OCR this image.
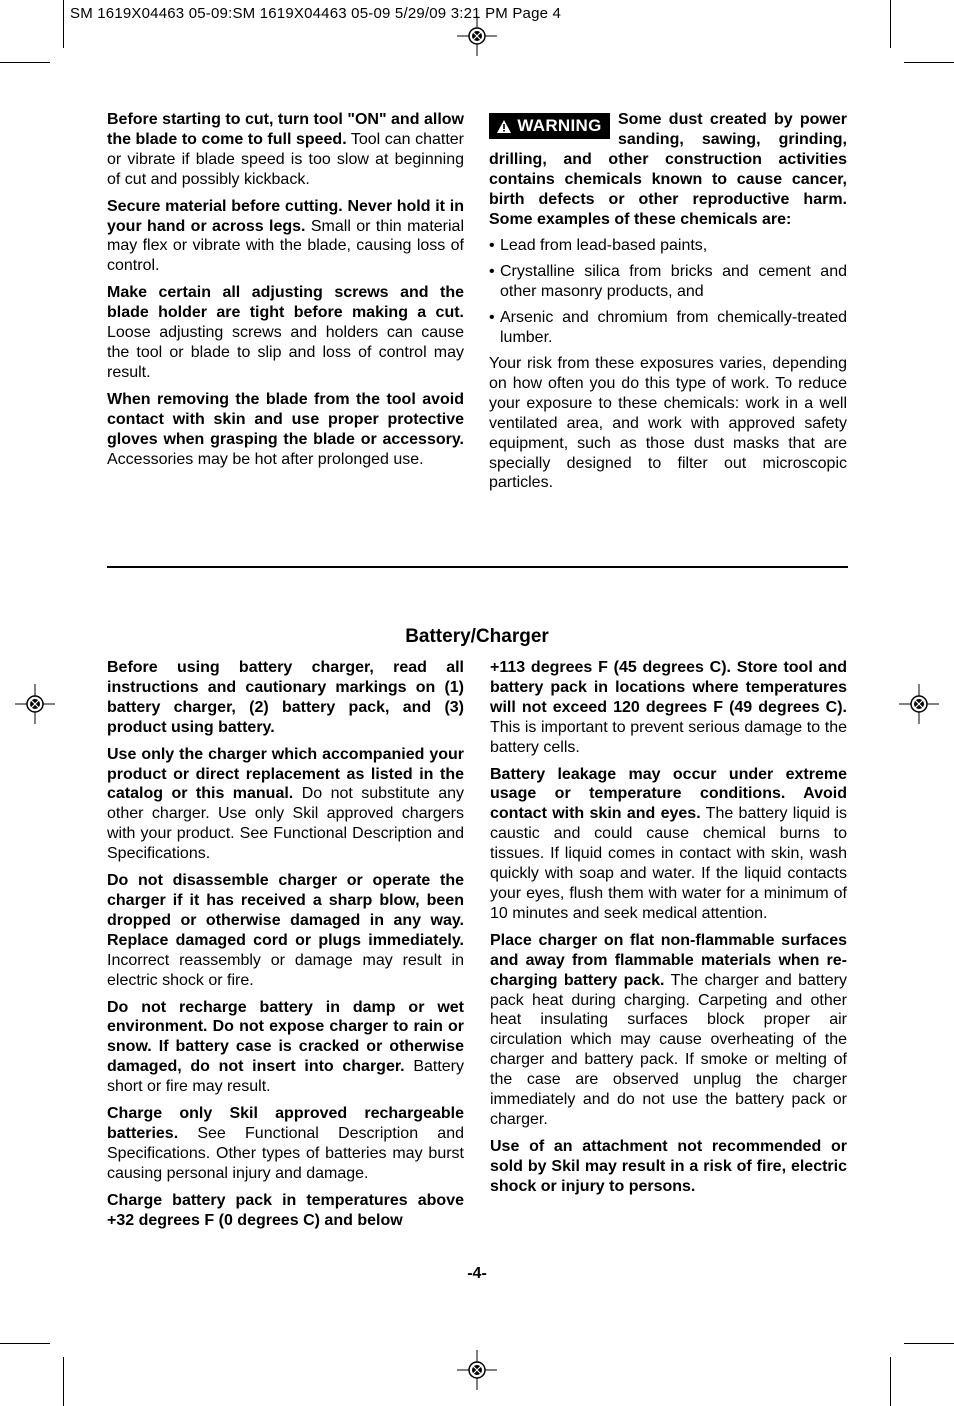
SM 1619X04463 05-09:SM 1619X04463 05-09 5/29/09 3:21 PM Page 4

Before starting to cut, turn tool "ON" and allow the blade to come to full speed. Tool can chatter or vibrate if blade speed is too slow at beginning of cut and possibly kickback.

Secure material before cutting. Never hold it in your hand or across legs. Small or thin material may flex or vibrate with the blade, causing loss of control.

Make certain all adjusting screws and the blade holder are tight before making a cut. Loose adjusting screws and holders can cause the tool or blade to slip and loss of control may result.

When removing the blade from the tool avoid contact with skin and use proper protective gloves when grasping the blade or accessory. Accessories may be hot after prolonged use.

WARNING Some dust created by power sanding, sawing, grinding, drilling, and other construction activities contains chemicals known to cause cancer, birth defects or other reproductive harm. Some examples of these chemicals are:

• Lead from lead-based paints,
• Crystalline silica from bricks and cement and other masonry products, and
• Arsenic and chromium from chemically-treated lumber.

Your risk from these exposures varies, depending on how often you do this type of work. To reduce your exposure to these chemicals: work in a well ventilated area, and work with approved safety equipment, such as those dust masks that are specially designed to filter out microscopic particles.

Battery/Charger

Before using battery charger, read all instructions and cautionary markings on (1) battery charger, (2) battery pack, and (3) product using battery.

Use only the charger which accompanied your product or direct replacement as listed in the catalog or this manual. Do not substitute any other charger. Use only Skil approved chargers with your product. See Functional Description and Specifications.

Do not disassemble charger or operate the charger if it has received a sharp blow, been dropped or otherwise damaged in any way. Replace damaged cord or plugs immediately. Incorrect reassembly or damage may result in electric shock or fire.

Do not recharge battery in damp or wet environment. Do not expose charger to rain or snow. If battery case is cracked or otherwise damaged, do not insert into charger. Battery short or fire may result.

Charge only Skil approved rechargeable batteries. See Functional Description and Specifications. Other types of batteries may burst causing personal injury and damage.

Charge battery pack in temperatures above +32 degrees F (0 degrees C) and below

+113 degrees F (45 degrees C). Store tool and battery pack in locations where temperatures will not exceed 120 degrees F (49 degrees C). This is important to prevent serious damage to the battery cells.

Battery leakage may occur under extreme usage or temperature conditions. Avoid contact with skin and eyes. The battery liquid is caustic and could cause chemical burns to tissues. If liquid comes in contact with skin, wash quickly with soap and water. If the liquid contacts your eyes, flush them with water for a minimum of 10 minutes and seek medical attention.

Place charger on flat non-flammable surfaces and away from flammable materials when re-charging battery pack. The charger and battery pack heat during charging. Carpeting and other heat insulating surfaces block proper air circulation which may cause overheating of the charger and battery pack. If smoke or melting of the case are observed unplug the charger immediately and do not use the battery pack or charger.

Use of an attachment not recommended or sold by Skil may result in a risk of fire, electric shock or injury to persons.

-4-
